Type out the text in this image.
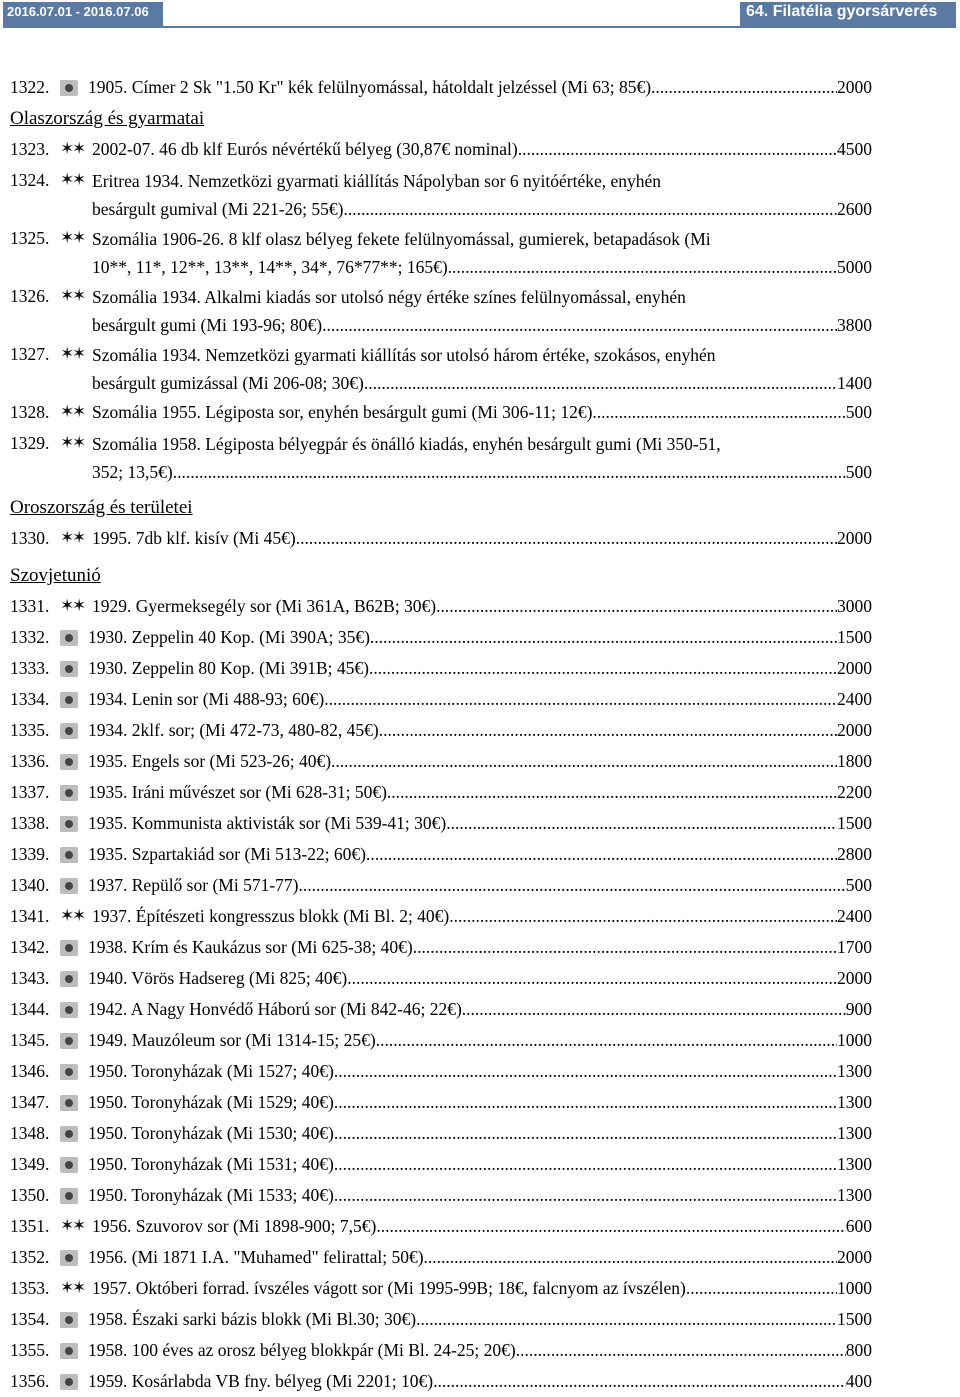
2016.07.01 - 2016.07.06	64. Filatélia gyorsárverés
1322.	1905. Címer 2 Sk "1.50 Kr" kék felülnyomással, hátoldalt jelzéssel (Mi 63; 85€) .....	2000
Olaszország és gyarmatai
1323. ✶ ✶	2002-07. 46 db klf Eurós névértékű bélyeg (30,87€ nominal) .....	4500
1324. ✶ ✶	Eritrea 1934. Nemzetközi gyarmati kiállítás Nápolyban sor 6 nyitóértéke, enyhén
besárgult gumival (Mi 221-26; 55€) .....	2600
1325. ✶ ✶	Szomália 1906-26. 8 klf olasz bélyeg fekete felülnyomással, gumierek, betapadások (Mi
10**, 11*, 12**, 13**, 14**, 34*, 76*77**; 165€) .....	5000
1326. ✶ ✶	Szomália 1934. Alkalmi kiadás sor utolsó négy értéke színes felülnyomással, enyhén
besárgult gumi (Mi 193-96; 80€) .....	3800
1327. ✶ ✶	Szomália 1934. Nemzetközi gyarmati kiállítás sor utolsó három értéke, szokásos, enyhén
besárgult gumizással (Mi 206-08; 30€) .....	1400
1328. ✶ ✶	Szomália 1955. Légiposta sor, enyhén besárgult gumi (Mi 306-11; 12€) .....	500
1329. ✶ ✶	Szomália 1958. Légiposta bélyegpár és önálló kiadás, enyhén besárgult gumi (Mi 350-51,
352; 13,5€) .....	500
Oroszország és területei
1330. ✶ ✶	1995. 7db klf. kisív (Mi 45€) .....	2000
Szovjetunió
1331. ✶ ✶	1929. Gyermeksegély sor (Mi 361A, B62B; 30€) .....	3000
1332.	1930. Zeppelin 40 Kop. (Mi 390A; 35€) .....	1500
1333.	1930. Zeppelin 80 Kop. (Mi 391B; 45€) .....	2000
1334.	1934. Lenin sor (Mi 488-93; 60€) .....	2400
1335.	1934. 2klf. sor; (Mi 472-73, 480-82, 45€) .....	2000
1336.	1935. Engels sor (Mi 523-26; 40€) .....	1800
1337.	1935. Iráni művészet sor (Mi 628-31; 50€) .....	2200
1338.	1935. Kommunista aktivisták sor (Mi 539-41; 30€) .....	1500
1339.	1935. Szpartakiád sor (Mi 513-22; 60€) .....	2800
1340.	1937. Repülő sor (Mi 571-77) .....	500
1341. ✶ ✶	1937. Építészeti kongresszus blokk (Mi Bl. 2; 40€) .....	2400
1342.	1938. Krím és Kaukázus sor (Mi 625-38; 40€) .....	1700
1343.	1940. Vörös Hadsereg (Mi 825; 40€) .....	2000
1344.	1942. A Nagy Honvédő Háború sor (Mi 842-46; 22€) .....	900
1345.	1949. Mauzóleum sor (Mi 1314-15; 25€) .....	1000
1346.	1950. Toronyházak (Mi 1527; 40€) .....	1300
1347.	1950. Toronyházak (Mi 1529; 40€) .....	1300
1348.	1950. Toronyházak (Mi 1530; 40€) .....	1300
1349.	1950. Toronyházak (Mi 1531; 40€) .....	1300
1350.	1950. Toronyházak (Mi 1533; 40€) .....	1300
1351. ✶ ✶	1956. Szuvorov sor (Mi 1898-900; 7,5€) .....	600
1352.	1956. (Mi 1871 I.A. "Muhamed" felirattal; 50€) .....	2000
1353. ✶ ✶	1957. Októberi forrad. ívszéles vágott sor (Mi 1995-99B; 18€, falcnyom az ívszélen) .....	1000
1354.	1958. Északi sarki bázis blokk (Mi Bl.30; 30€) .....	1500
1355.	1958. 100 éves az orosz bélyeg blokkpár (Mi Bl. 24-25; 20€) .....	800
1356.	1959. Kosárlabda VB fny. bélyeg (Mi 2201; 10€) .....	400
